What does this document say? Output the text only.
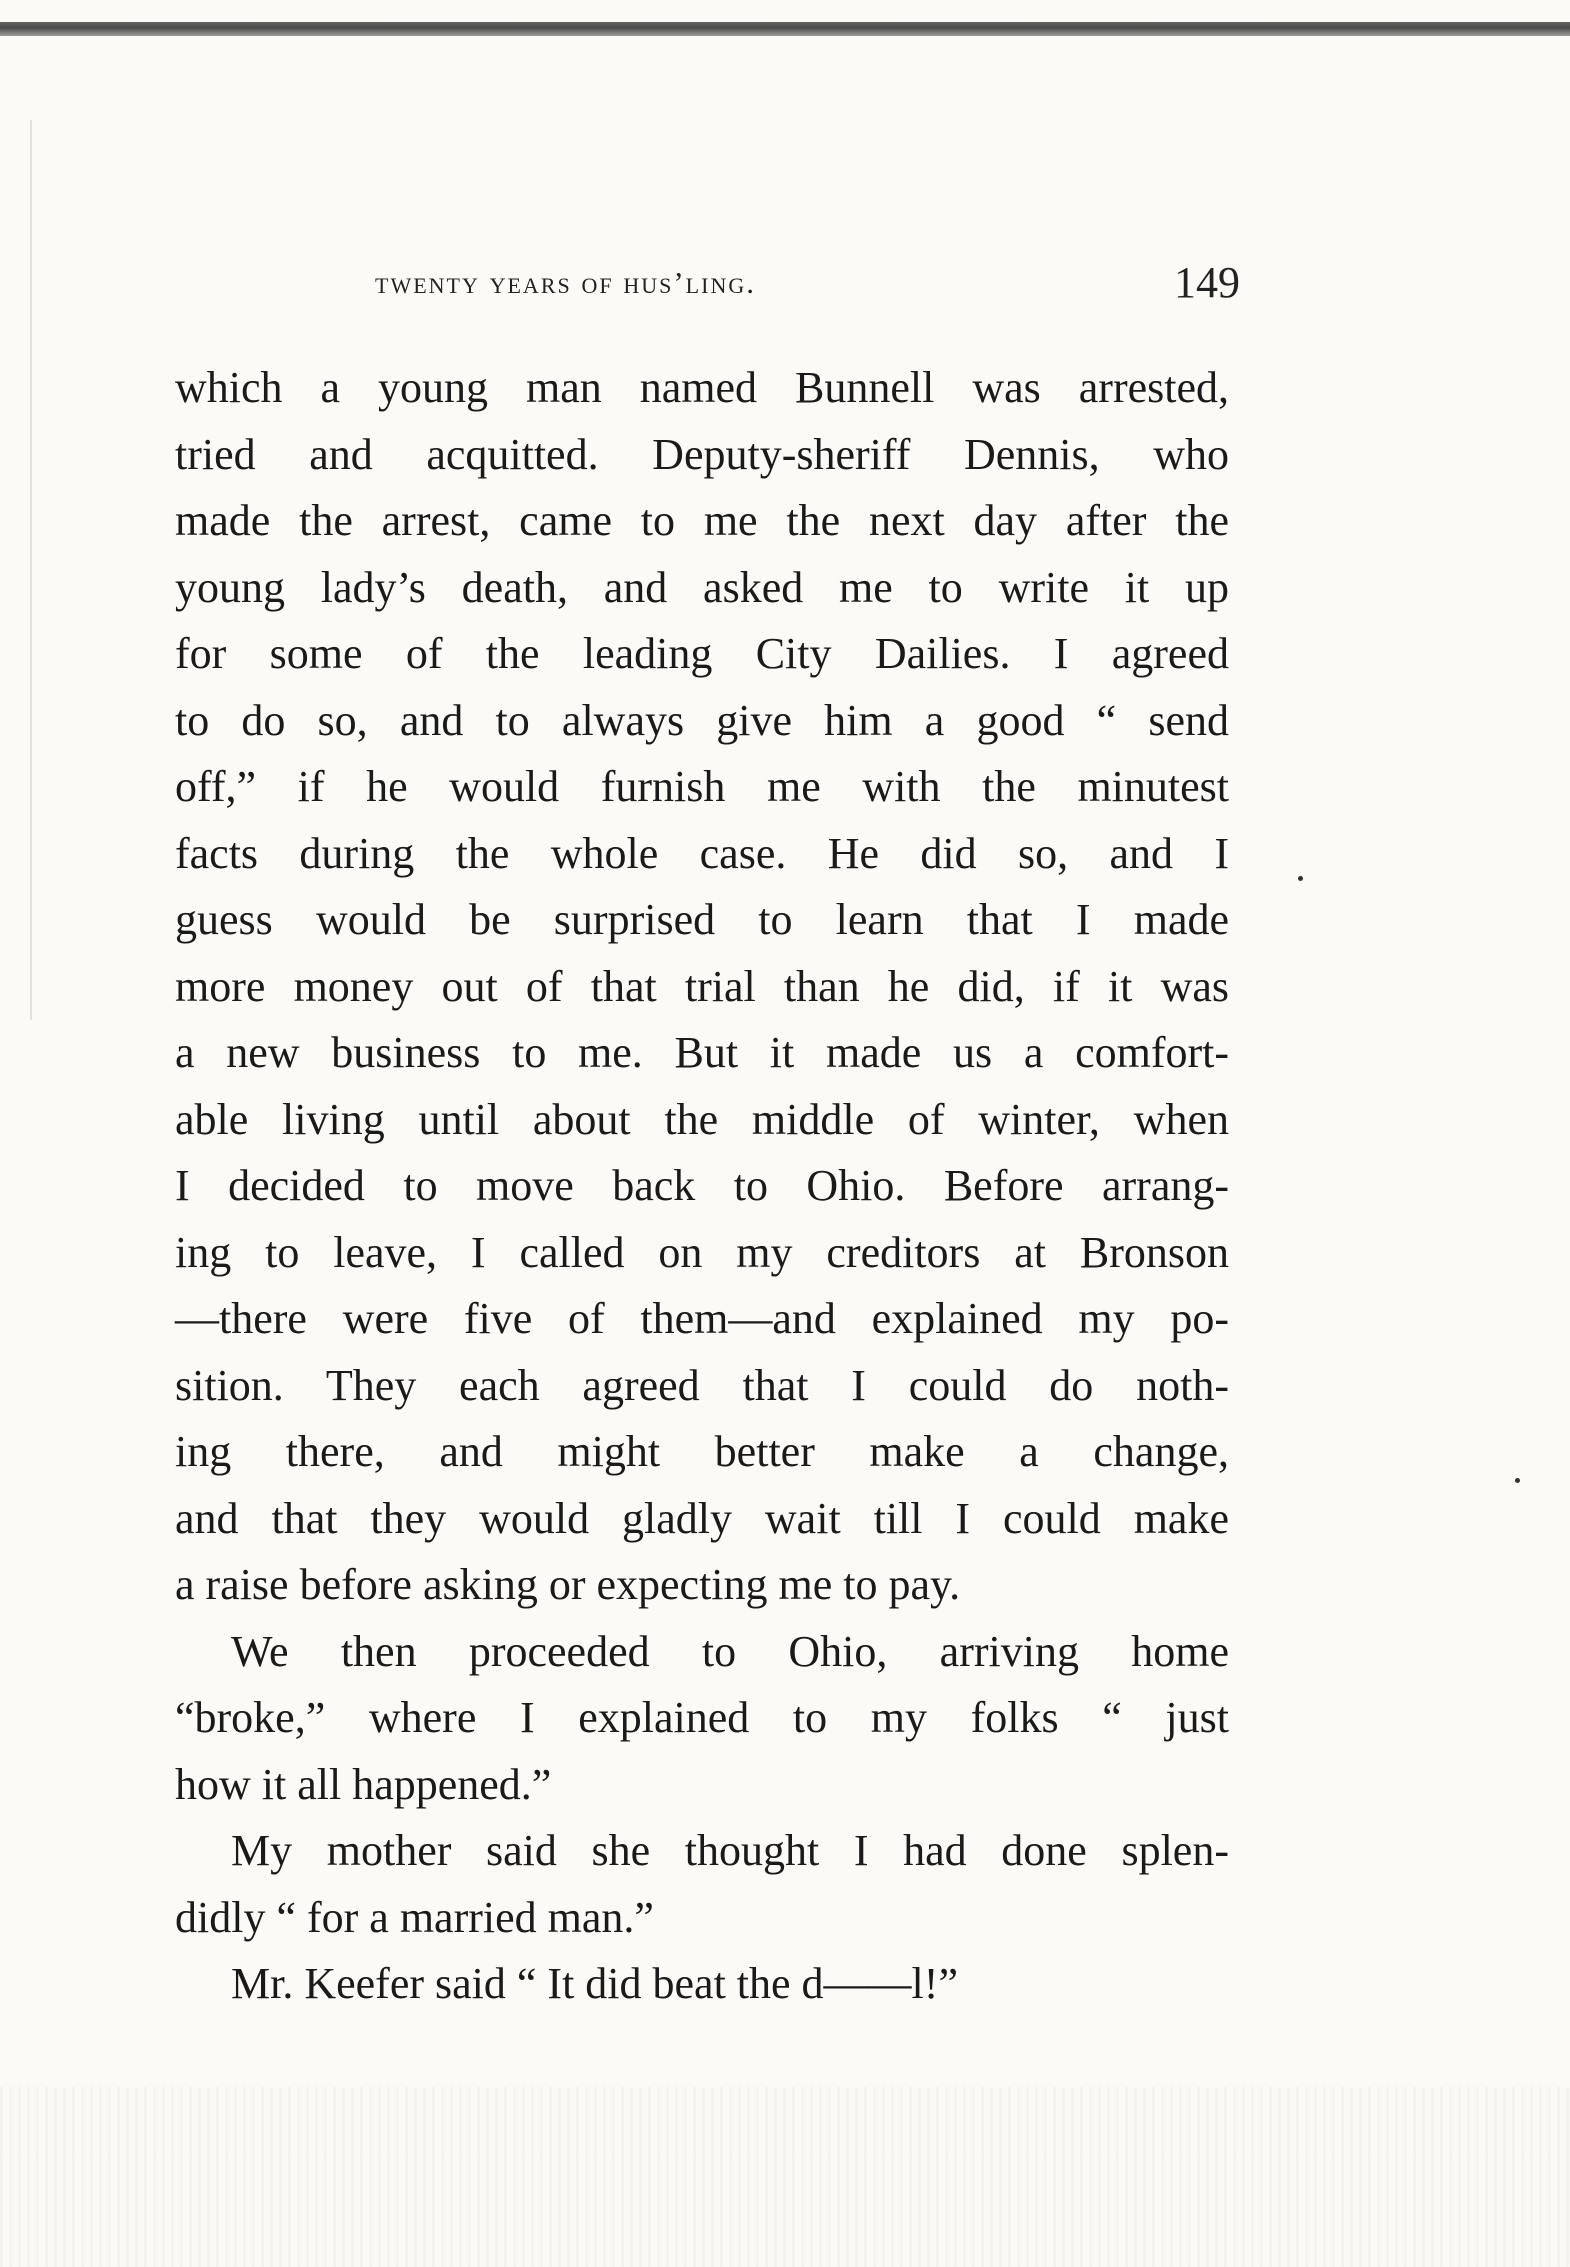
twenty years of hus’ling.	149
which a young man named Bunnell was arrested,
tried and acquitted. Deputy-sheriff Dennis, who
made the arrest, came to me the next day after the
young lady’s death, and asked me to write it up
for some of the leading City Dailies. I agreed
to do so, and to always give him a good “ send
off,” if he would furnish me with the minutest
facts during the whole case. He did so, and I
guess would be surprised to learn that I made
more money out of that trial than he did, if it was
a new business to me. But it made us a comfort-
able living until about the middle of winter, when
I decided to move back to Ohio. Before arrang-
ing to leave, I called on my creditors at Bronson
—there were five of them—and explained my po-
sition. They each agreed that I could do noth-
ing there, and might better make a change,
and that they would gladly wait till I could make
a raise before asking or expecting me to pay.
We then proceeded to Ohio, arriving home
“broke,” where I explained to my folks “ just
how it all happened.”
My mother said she thought I had done splen-
didly “ for a married man.”
Mr. Keefer said “ It did beat the d——l!”
